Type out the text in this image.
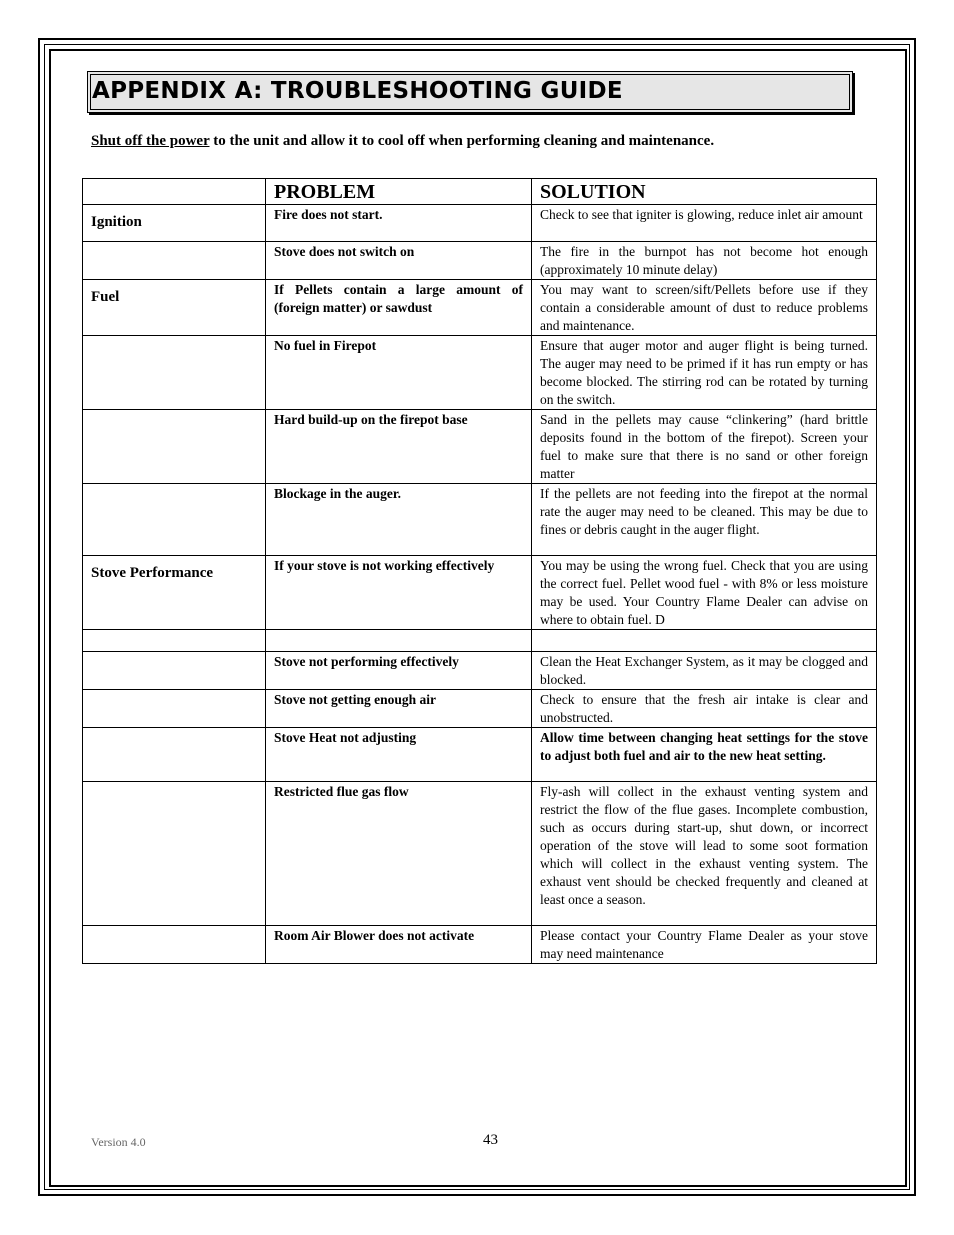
APPENDIX A: TROUBLESHOOTING GUIDE
Shut off the power to the unit and allow it to cool off when performing cleaning and maintenance.
	PROBLEM	SOLUTION
Ignition	Fire does not start.	Check to see that igniter is glowing, reduce inlet air amount
	Stove does not switch on	The fire in the burnpot has not become hot enough (approximately 10 minute delay)
Fuel	If Pellets contain a large amount of (foreign matter) or sawdust	You may want to screen/sift/Pellets before use if they contain a considerable amount of dust to reduce problems and maintenance.
	No fuel in Firepot	Ensure that auger motor and auger flight is being turned. The auger may need to be primed if it has run empty or has become blocked. The stirring rod can be rotated by turning on the switch.
	Hard build-up on the firepot base	Sand in the pellets may cause “clinkering” (hard brittle deposits found in the bottom of the firepot). Screen your fuel to make sure that there is no sand or other foreign matter
	Blockage in the auger.	If the pellets are not feeding into the firepot at the normal rate the auger may need to be cleaned. This may be due to fines or debris caught in the auger flight.
Stove Performance	If your stove is not working effectively	You may be using the wrong fuel. Check that you are using the correct fuel. Pellet wood fuel - with 8% or less moisture may be used. Your Country Flame Dealer can advise on where to obtain fuel. D

	Stove not performing effectively	Clean the Heat Exchanger System, as it may be clogged and blocked.
	Stove not getting enough air	Check to ensure that the fresh air intake is clear and unobstructed.
	Stove Heat not adjusting	Allow time between changing heat settings for the stove to adjust both fuel and air to the new heat setting.
	Restricted flue gas flow	Fly-ash will collect in the exhaust venting system and restrict the flow of the flue gases. Incomplete combustion, such as occurs during start-up, shut down, or incorrect operation of the stove will lead to some soot formation which will collect in the exhaust venting system. The exhaust vent should be checked frequently and cleaned at least once a season.
	Room Air Blower does not activate	Please contact your Country Flame Dealer as your stove may need maintenance
Version 4.0	43
